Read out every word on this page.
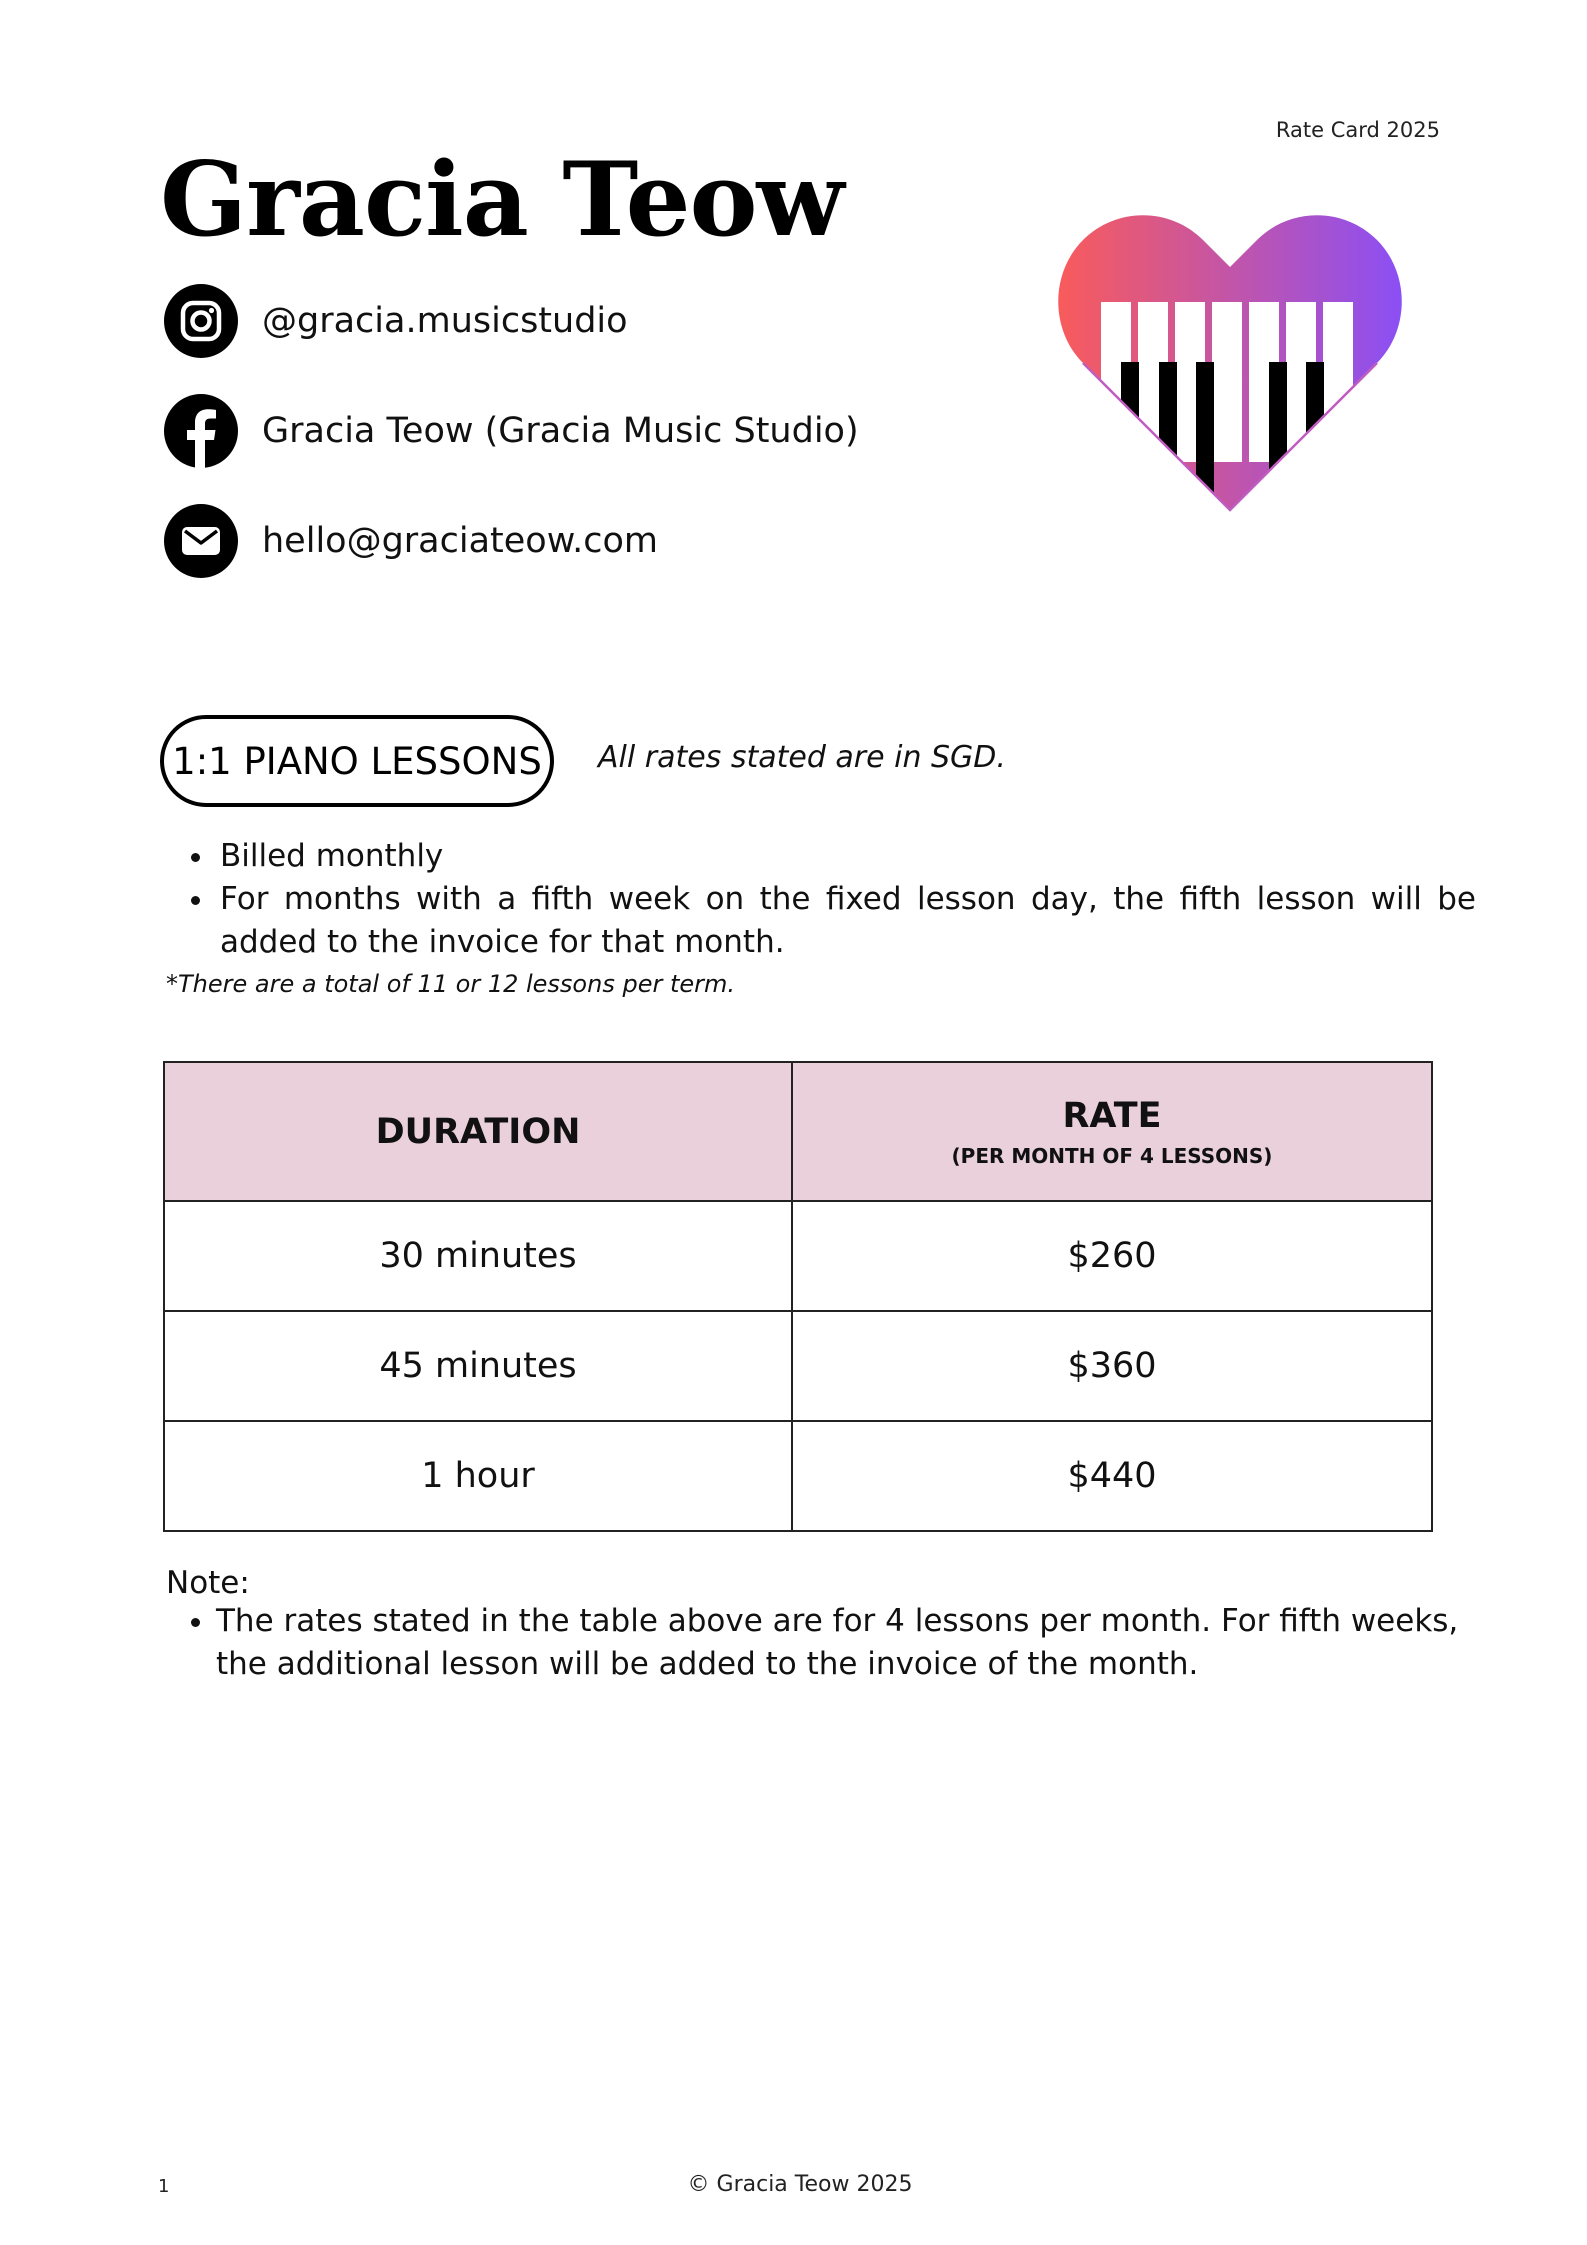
Rate Card 2025
Gracia Teow
@gracia.musicstudio
Gracia Teow (Gracia Music Studio)
hello@graciateow.com
1:1 PIANO LESSONS	All rates stated are in SGD.
• Billed monthly
• For months with a fifth week on the fixed lesson day, the fifth lesson will be added to the invoice for that month.
*There are a total of 11 or 12 lessons per term.
DURATION	RATE
(PER MONTH OF 4 LESSONS)

30 minutes	$260
45 minutes	$360
1 hour	$440
Note:
• The rates stated in the table above are for 4 lessons per month. For fifth weeks, the additional lesson will be added to the invoice of the month.
1	© Gracia Teow 2025
